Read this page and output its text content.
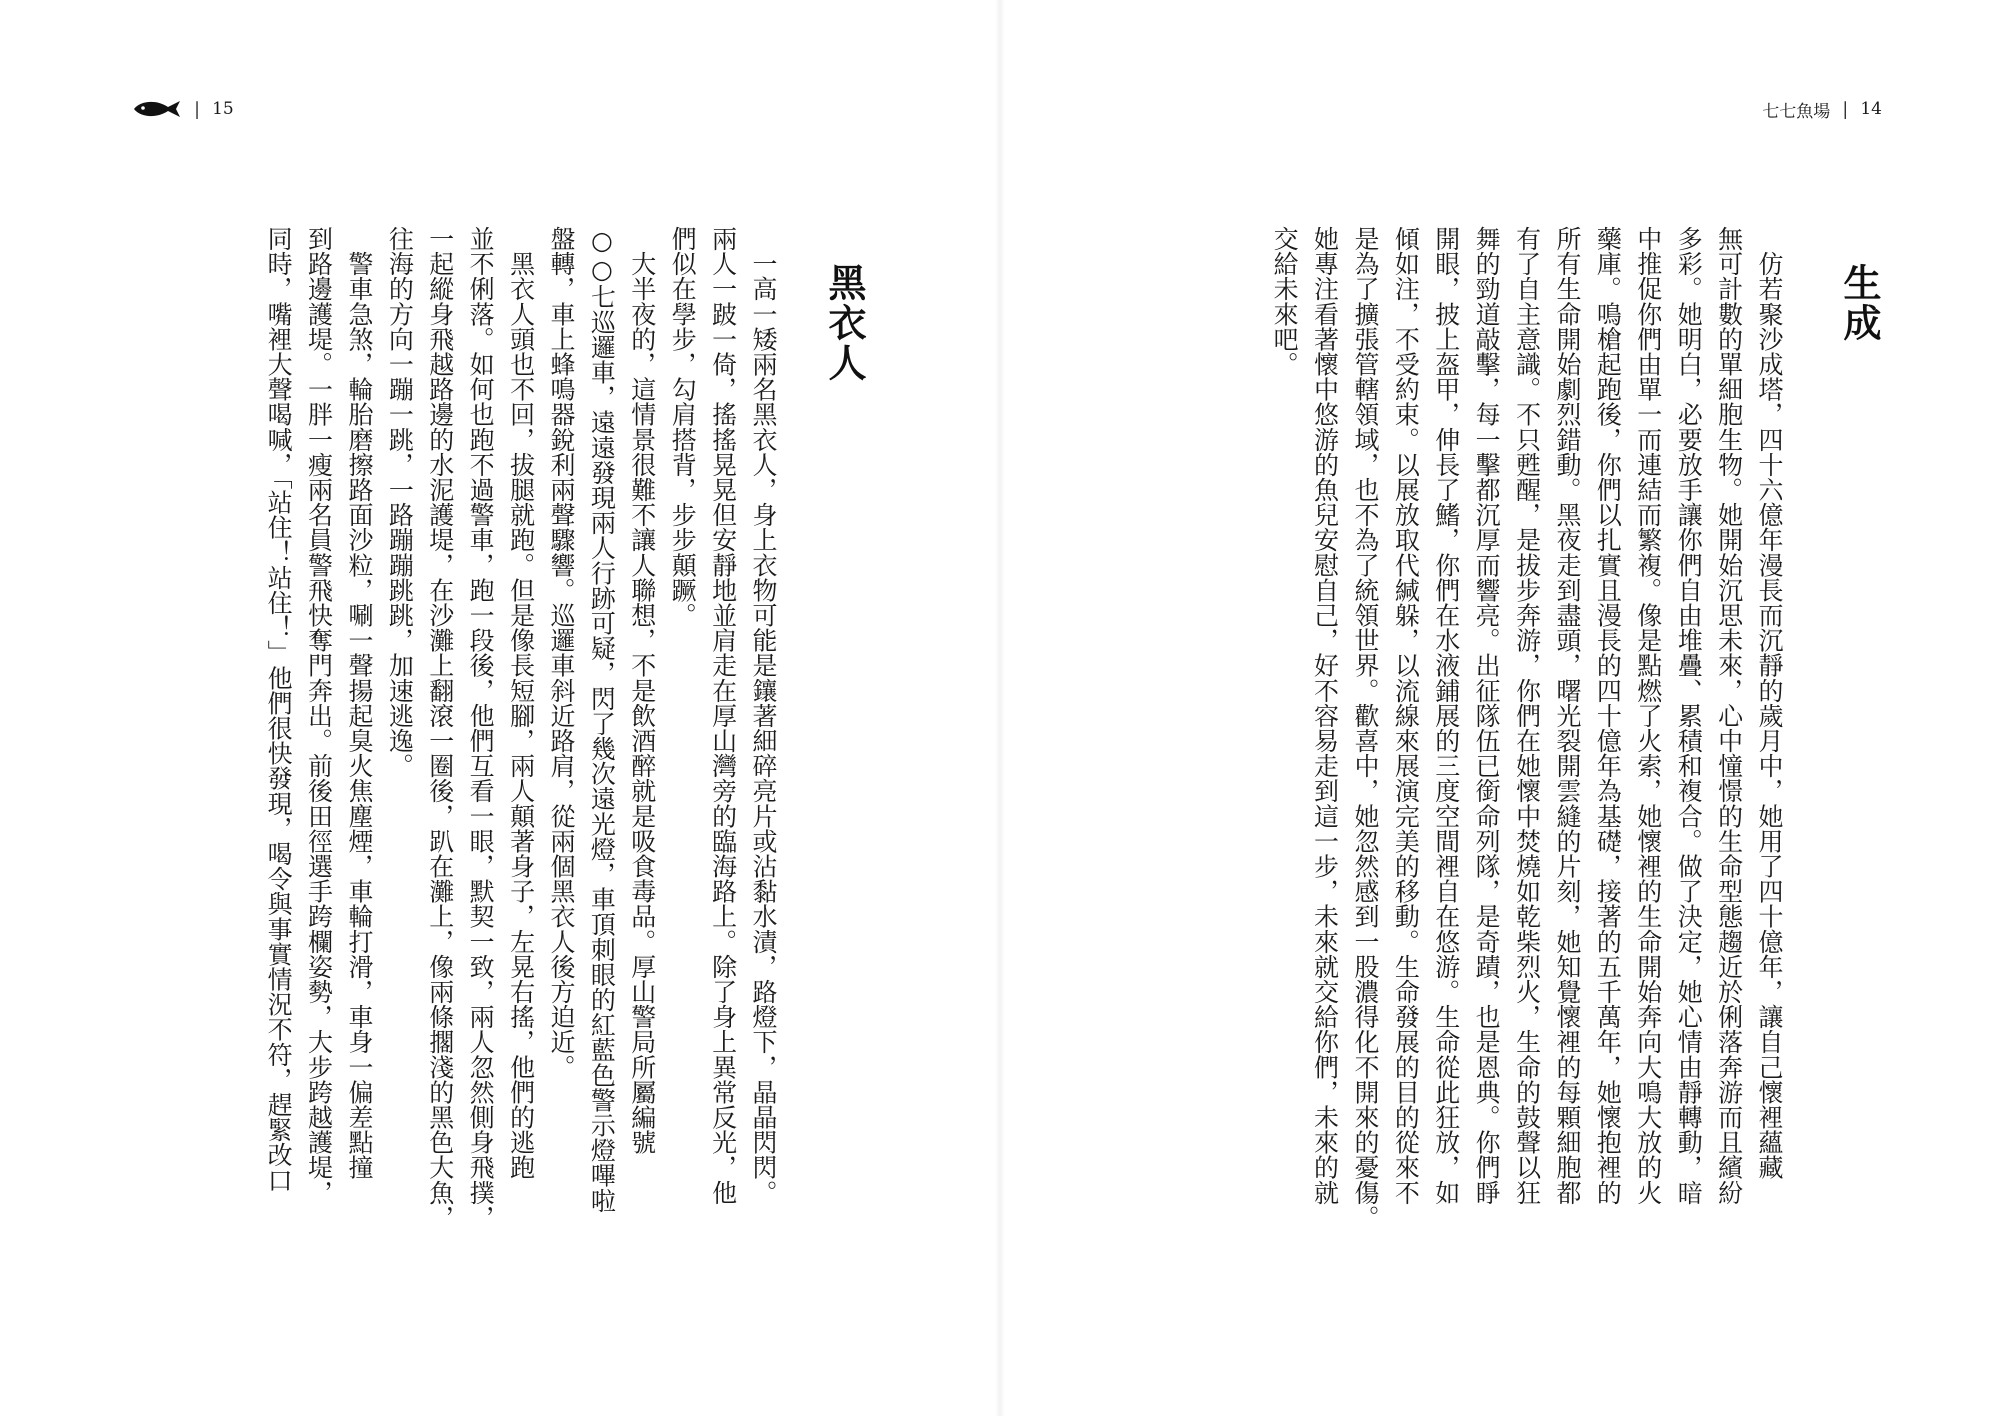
| 15	七七魚場 | 14
生成
　仿若聚沙成塔，四十六億年漫長而沉靜的歲月中，她用了四十億年，讓自己懷裡蘊藏
無可計數的單細胞生物。她開始沉思未來，心中憧憬的生命型態趨近於俐落奔游而且繽紛
多彩。她明白，必要放手讓你們自由堆疊、累積和複合。做了決定，她心情由靜轉動，暗
中推促你們由單一而連結而繁複。像是點燃了火索，她懷裡的生命開始奔向大鳴大放的火
藥庫。鳴槍起跑後，你們以扎實且漫長的四十億年為基礎，接著的五千萬年，她懷抱裡的
所有生命開始劇烈錯動。黑夜走到盡頭，曙光裂開雲縫的片刻，她知覺懷裡的每顆細胞都
有了自主意識。不只甦醒，是拔步奔游，你們在她懷中焚燒如乾柴烈火，生命的鼓聲以狂
舞的勁道敲擊，每一擊都沉厚而響亮。出征隊伍已銜命列隊，是奇蹟，也是恩典。你們睜
開眼，披上盔甲，伸長了鰭，你們在水液鋪展的三度空間裡自在悠游。生命從此狂放，如
傾如注，不受約束。以展放取代緘躲，以流線來展演完美的移動。生命發展的目的從來不
是為了擴張管轄領域，也不為了統領世界。歡喜中，她忽然感到一股濃得化不開來的憂傷。
她專注看著懷中悠游的魚兒安慰自己，好不容易走到這一步，未來就交給你們，未來的就
交給未來吧。
黑衣人
　一高一矮兩名黑衣人，身上衣物可能是鑲著細碎亮片或沾黏水漬，路燈下，晶晶閃閃。
兩人一跛一倚，搖搖晃晃但安靜地並肩走在厚山灣旁的臨海路上。除了身上異常反光，他
們似在學步，勾肩搭背，步步顛蹶。
　大半夜的，這情景很難不讓人聯想，不是飲酒醉就是吸食毒品。厚山警局所屬編號
○○七巡邏車，遠遠發現兩人行跡可疑，閃了幾次遠光燈，車頂刺眼的紅藍色警示燈嗶啦
盤轉，車上蜂鳴器銳利兩聲驟響。巡邏車斜近路肩，從兩個黑衣人後方迫近。
　黑衣人頭也不回，拔腿就跑。但是像長短腳，兩人顛著身子，左晃右搖，他們的逃跑
並不俐落。如何也跑不過警車，跑一段後，他們互看一眼，默契一致，兩人忽然側身飛撲，
一起縱身飛越路邊的水泥護堤，在沙灘上翻滾一圈後，趴在灘上，像兩條擱淺的黑色大魚，
往海的方向一蹦一跳，一路蹦蹦跳跳，加速逃逸。
　警車急煞，輪胎磨擦路面沙粒，唰一聲揚起臭火焦塵煙，車輪打滑，車身一偏差點撞
到路邊護堤。一胖一瘦兩名員警飛快奪門奔出。前後田徑選手跨欄姿勢，大步跨越護堤，
同時，嘴裡大聲喝喊，「站住！站住！」他們很快發現，喝令與事實情況不符，趕緊改口
